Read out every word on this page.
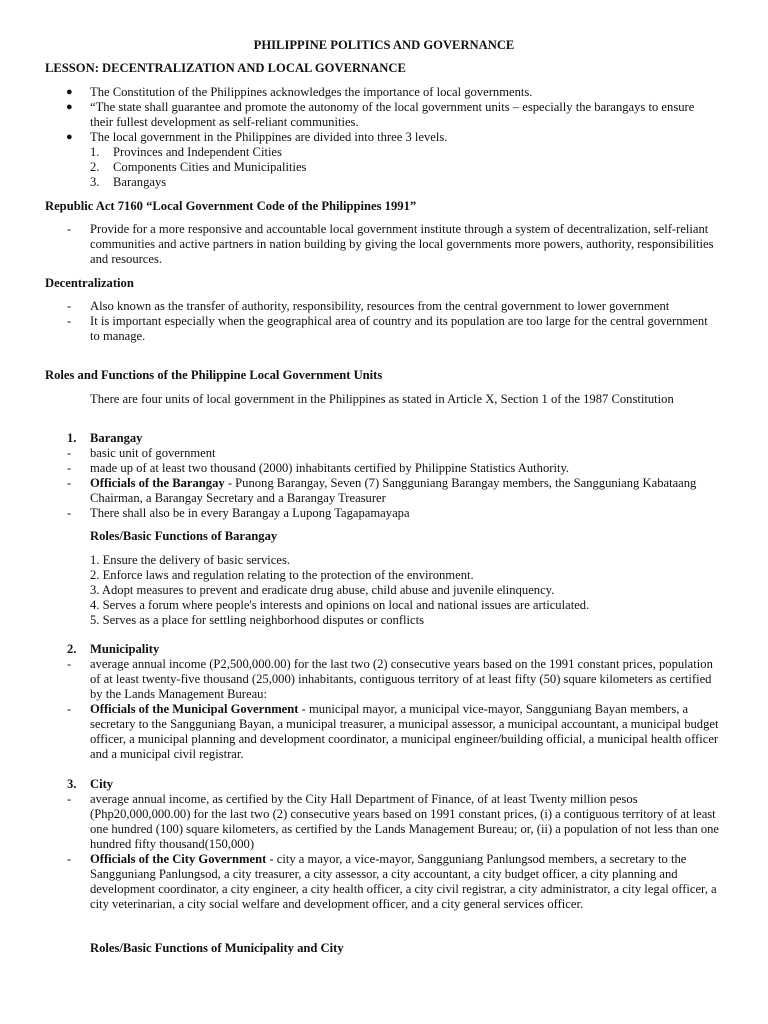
PHILIPPINE POLITICS AND GOVERNANCE
LESSON: DECENTRALIZATION AND LOCAL GOVERNANCE
● The Constitution of the Philippines acknowledges the importance of local governments.
● “The state shall guarantee and promote the autonomy of the local government units – especially the barangays to ensure their fullest development as self-reliant communities.
● The local government in the Philippines are divided into three 3 levels.
1. Provinces and Independent Cities
2. Components Cities and Municipalities
3. Barangays
Republic Act 7160 “Local Government Code of the Philippines 1991”
- Provide for a more responsive and accountable local government institute through a system of decentralization, self-reliant communities and active partners in nation building by giving the local governments more powers, authority, responsibilities and resources.
Decentralization
- Also known as the transfer of authority, responsibility, resources from the central government to lower government
- It is important especially when the geographical area of country and its population are too large for the central government to manage.
Roles and Functions of the Philippine Local Government Units
There are four units of local government in the Philippines as stated in Article X, Section 1 of the 1987 Constitution
1. Barangay
- basic unit of government
- made up of at least two thousand (2000) inhabitants certified by Philippine Statistics Authority.
- Officials of the Barangay - Punong Barangay, Seven (7) Sangguniang Barangay members, the Sangguniang Kabataang Chairman, a Barangay Secretary and a Barangay Treasurer
- There shall also be in every Barangay a Lupong Tagapamayapa
Roles/Basic Functions of Barangay
1. Ensure the delivery of basic services.
2. Enforce laws and regulation relating to the protection of the environment.
3. Adopt measures to prevent and eradicate drug abuse, child abuse and juvenile elinquency.
4. Serves a forum where people's interests and opinions on local and national issues are articulated.
5. Serves as a place for settling neighborhood disputes or conflicts
2. Municipality
- average annual income (P2,500,000.00) for the last two (2) consecutive years based on the 1991 constant prices, population of at least twenty-five thousand (25,000) inhabitants, contiguous territory of at least fifty (50) square kilometers as certified by the Lands Management Bureau:
- Officials of the Municipal Government - municipal mayor, a municipal vice-mayor, Sangguniang Bayan members, a secretary to the Sangguniang Bayan, a municipal treasurer, a municipal assessor, a municipal accountant, a municipal budget officer, a municipal planning and development coordinator, a municipal engineer/building official, a municipal health officer and a municipal civil registrar.
3. City
- average annual income, as certified by the City Hall Department of Finance, of at least Twenty million pesos (Php20,000,000.00) for the last two (2) consecutive years based on 1991 constant prices, (i) a contiguous territory of at least one hundred (100) square kilometers, as certified by the Lands Management Bureau; or, (ii) a population of not less than one hundred fifty thousand(150,000)
- Officials of the City Government - city a mayor, a vice-mayor, Sangguniang Panlungsod members, a secretary to the Sangguniang Panlungsod, a city treasurer, a city assessor, a city accountant, a city budget officer, a city planning and development coordinator, a city engineer, a city health officer, a city civil registrar, a city administrator, a city legal officer, a city veterinarian, a city social welfare and development officer, and a city general services officer.
Roles/Basic Functions of Municipality and City
